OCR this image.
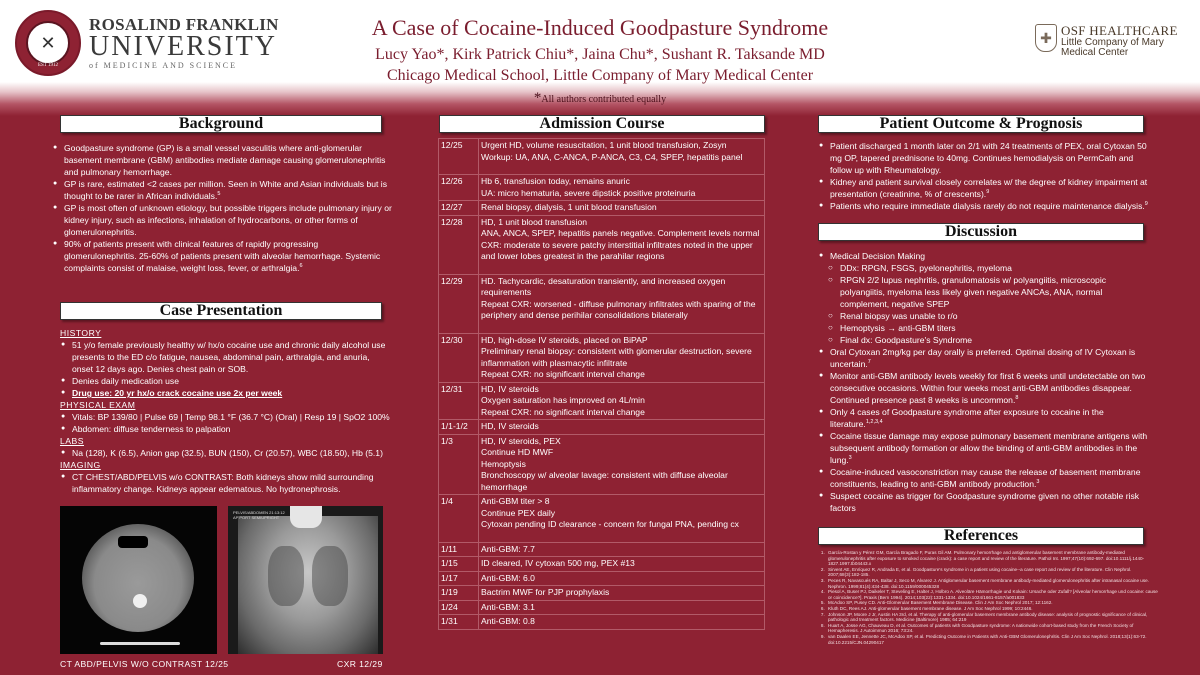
✕
EST 1912
ROSALIND FRANKLIN
UNIVERSITY
of MEDICINE AND SCIENCE
A Case of Cocaine-Induced Goodpasture Syndrome
Lucy Yao*, Kirk Patrick Chiu*, Jaina Chu*, Sushant R. Taksande MD
Chicago Medical School, Little Company of Mary Medical Center
*All authors contributed equally
✚ OSF HEALTHCARE
Little Company of Mary
Medical Center
Background
● Goodpasture syndrome (GP) is a small vessel vasculitis where anti-glomerular basement membrane (GBM) antibodies mediate damage causing glomerulonephritis and pulmonary hemorrhage.
● GP is rare, estimated <2 cases per million. Seen in White and Asian individuals but is thought to be rarer in African individuals.$^5$
● GP is most often of unknown etiology, but possible triggers include pulmonary injury or kidney injury, such as infections, inhalation of hydrocarbons, or other forms of glomerulonephritis.
● 90% of patients present with clinical features of rapidly progressing glomerulonephritis. 25-60% of patients present with alveolar hemorrhage. Systemic complaints consist of malaise, weight loss, fever, or arthralgia.$^6$
Case Presentation
HISTORY
● 51 y/o female previously healthy w/ hx/o cocaine use and chronic daily alcohol use presents to the ED c/o fatigue, nausea, abdominal pain, arthralgia, and anuria, onset 12 days ago. Denies chest pain or SOB.
● Denies daily medication use
● Drug use: 20 yr hx/o crack cocaine use 2x per week
PHYSICAL EXAM
● Vitals: BP 139/80 | Pulse 69 | Temp 98.1 °F (36.7 °C) (Oral) | Resp 19 | SpO2 100%
● Abdomen: diffuse tenderness to palpation
LABS
● Na (128), K (6.5), Anion gap (32.5), BUN (150), Cr (20.57), WBC (18.50), Hb (5.1)
IMAGING
● CT CHEST/ABD/PELVIS w/o CONTRAST: Both kidneys show mild surrounding inflammatory change. Kidneys appear edematous. No hydronephrosis.
PELVIS/ABDOMEN 21:13:12
AP PORT SEMIUPRIGHT
CT ABD/PELVIS W/O CONTRAST 12/25	CXR 12/29
Admission Course
12/25	Urgent HD, volume resuscitation, 1 unit blood transfusion, Zosyn
Workup: UA, ANA, C-ANCA, P-ANCA, C3, C4, SPEP, hepatitis panel

12/26	Hb 6, transfusion today, remains anuric
UA: micro hematuria, severe dipstick positive proteinuria

12/27	Renal biopsy, dialysis, 1 unit blood transfusion

12/28	HD, 1 unit blood transfusion
ANA, ANCA, SPEP, hepatitis panels negative. Complement levels normal
CXR: moderate to severe patchy interstitial infiltrates noted in the upper and lower lobes greatest in the parahilar regions

12/29	HD. Tachycardic, desaturation transiently, and increased oxygen requirements
Repeat CXR: worsened - diffuse pulmonary infiltrates with sparing of the periphery and dense perihilar consolidations bilaterally

12/30	HD, high-dose IV steroids, placed on BiPAP
Preliminary renal biopsy: consistent with glomerular destruction, severe inflammation with plasmacytic infiltrate
Repeat CXR: no significant interval change

12/31	HD, IV steroids
Oxygen saturation has improved on 4L/min
Repeat CXR: no significant interval change

1/1-1/2	HD, IV steroids

1/3	HD, IV steroids, PEX
Continue HD MWF
Hemoptysis
Bronchoscopy w/ alveolar lavage: consistent with diffuse alveolar hemorrhage

1/4	Anti-GBM titer > 8
Continue PEX daily
Cytoxan pending ID clearance - concern for fungal PNA, pending cx

1/11	Anti-GBM: 7.7

1/15	ID cleared, IV cytoxan 500 mg, PEX #13

1/17	Anti-GBM: 6.0

1/19	Bactrim MWF for PJP prophylaxis

1/24	Anti-GBM: 3.1

1/31	Anti-GBM: 0.8
Patient Outcome & Prognosis
● Patient discharged 1 month later on 2/1 with 24 treatments of PEX, oral Cytoxan 50 mg OP, tapered prednisone to 40mg. Continues hemodialysis on PermCath and follow up with Rheumatology.
● Kidney and patient survival closely correlates w/ the degree of kidney impairment at presentation (creatinine, % of crescents).$^9$
● Patients who require immediate dialysis rarely do not require maintenance dialysis.$^9$
Discussion
● Medical Decision Making
○ DDx: RPGN, FSGS, pyelonephritis, myeloma
○ RPGN 2/2 lupus nephritis, granulomatosis w/ polyangiitis, microscopic polyangiitis, myeloma less likely given negative ANCAs, ANA, normal complement, negative SPEP
○ Renal biopsy was unable to r/o
○ Hemoptysis → anti-GBM titers
○ Final dx: Goodpasture's Syndrome
● Oral Cytoxan 2mg/kg per day orally is preferred. Optimal dosing of IV Cytoxan is uncertain.$^7$
● Monitor anti-GBM antibody levels weekly for first 6 weeks until undetectable on two consecutive occasions. Within four weeks most anti-GBM antibodies disappear. Continued presence past 8 weeks is uncommon.$^8$
● Only 4 cases of Goodpasture syndrome after exposure to cocaine in the literature.$^{1,2,3,4}$
● Cocaine tissue damage may expose pulmonary basement membrane antigens with subsequent antibody formation or allow the binding of anti-GBM antibodies in the lung.$^3$
● Cocaine-induced vasoconstriction may cause the release of basement membrane constituents, leading to anti-GBM antibody production.$^3$
● Suspect cocaine as trigger for Goodpasture syndrome given no other notable risk factors
References
1. García-Rostan y Pérez GM, García Bragado F, Puras Gil AM. Pulmonary hemorrhage and antiglomerular basement membrane antibody-mediated glomerulonephritis after exposure to smoked cocaine (crack): a case report and review of the literature. Pathol Int. 1997;47(10):692-697. doi:10.1111/j.1440-1827.1997.tb04443.x
2. Sirvent AE, Enríquez R, Andrada E, et al. Goodpasture's syndrome in a patient using cocaine--a case report and review of the literature. Clin Nephrol. 2007;68(3):182-185.
3. Peces R, Navascués RA, Baltar J, Seco M, Alvarez J. Antiglomerular basement membrane antibody-mediated glomerulonephritis after intranasal cocaine use. Nephron. 1999;81(4):434-438. doi:10.1159/000045328
4. Piesol A, Buser PJ, Daikeler T, Steveling E, Halter J, Holbro A. Alveoläre Hämorrhagie und Kokain: Ursache oder Zufall? [Alveolar hemorrhage und cocaine: cause or coincidence?]. Praxis (Bern 1994). 2014;103(22):1331-1334. doi:10.1024/1661-8157/a001833
5. McAdoo SP, Pusey CD. Anti-Glomerular Basement Membrane Disease. Clin J Am Soc Nephrol 2017; 12:1162.
6. Kluth DC, Rees AJ. Anti-glomerular basement membrane disease. J Am Soc Nephrol 1999; 10:2446.
7. Johnson JP, Moore J Jr, Austin HA 3rd, et al. Therapy of anti-glomerular basement membrane antibody disease: analysis of prognostic significance of clinical, pathologic and treatment factors. Medicine (Baltimore) 1985; 64:219
8. Huart A, Josse AG, Chauveau D, et al. Outcomes of patients with Goodpasture syndrome: A nationwide cohort-based study from the French Society of Hemapheresis. J Autoimmun 2016; 73:24.
9. van Daalen EE, Jennette JC, McAdoo SP, et al. Predicting Outcome in Patients with Anti-GBM Glomerulonephritis. Clin J Am Soc Nephrol. 2018;13(1):63-72. doi:10.2215/CJN.04290417
